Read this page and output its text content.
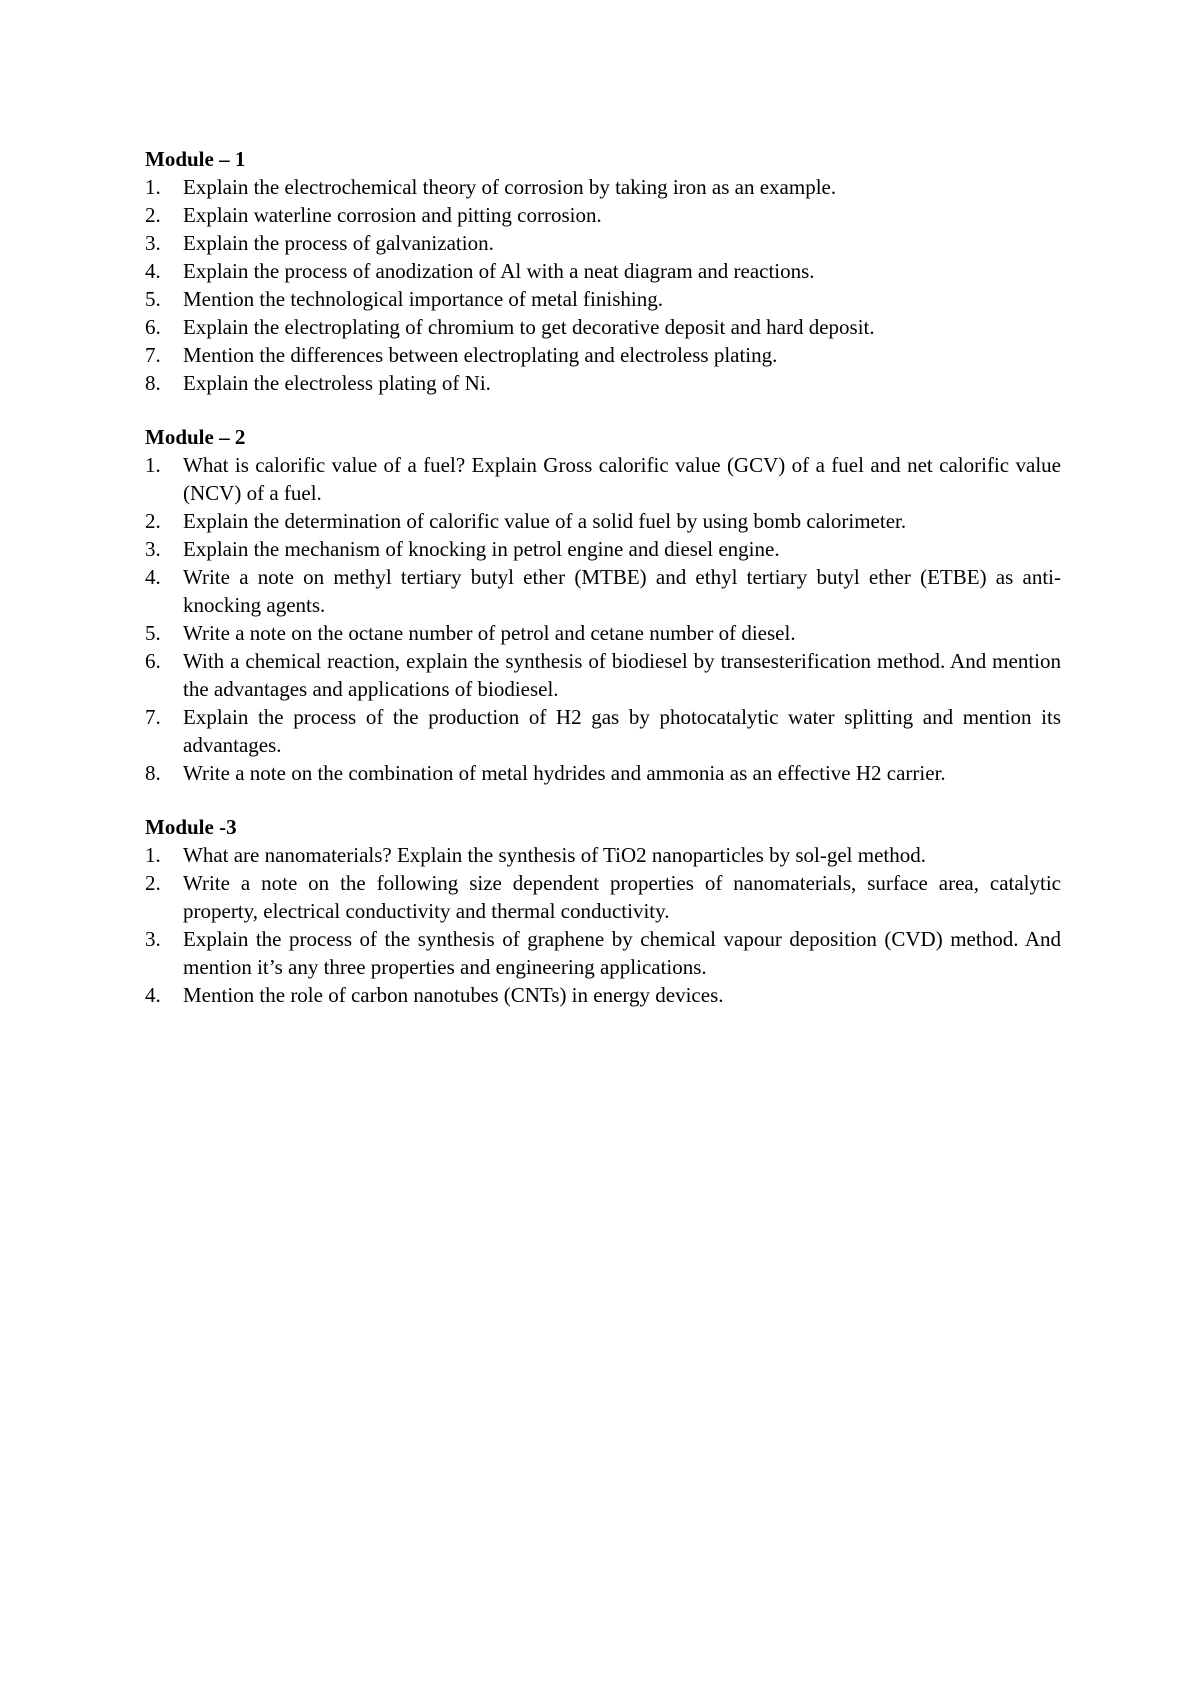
Module – 1
1.	Explain the electrochemical theory of corrosion by taking iron as an example.
2.	Explain waterline corrosion and pitting corrosion.
3.	Explain the process of galvanization.
4.	Explain the process of anodization of Al with a neat diagram and reactions.
5.	Mention the technological importance of metal finishing.
6.	Explain the electroplating of chromium to get decorative deposit and hard deposit.
7.	Mention the differences between electroplating and electroless plating.
8.	Explain the electroless plating of Ni.
Module – 2
1.	What is calorific value of a fuel? Explain Gross calorific value (GCV) of a fuel and net calorific value (NCV) of a fuel.
2.	Explain the determination of calorific value of a solid fuel by using bomb calorimeter.
3.	Explain the mechanism of knocking in petrol engine and diesel engine.
4.	Write a note on methyl tertiary butyl ether (MTBE) and ethyl tertiary butyl ether (ETBE) as anti-knocking agents.
5.	Write a note on the octane number of petrol and cetane number of diesel.
6.	With a chemical reaction, explain the synthesis of biodiesel by transesterification method. And mention the advantages and applications of biodiesel.
7.	Explain the process of the production of H2 gas by photocatalytic water splitting and mention its advantages.
8.	Write a note on the combination of metal hydrides and ammonia as an effective H2 carrier.
Module -3
1.	What are nanomaterials? Explain the synthesis of TiO2 nanoparticles by sol-gel method.
2.	Write a note on the following size dependent properties of nanomaterials, surface area, catalytic property, electrical conductivity and thermal conductivity.
3.	Explain the process of the synthesis of graphene by chemical vapour deposition (CVD) method. And mention it’s any three properties and engineering applications.
4.	Mention the role of carbon nanotubes (CNTs) in energy devices.
